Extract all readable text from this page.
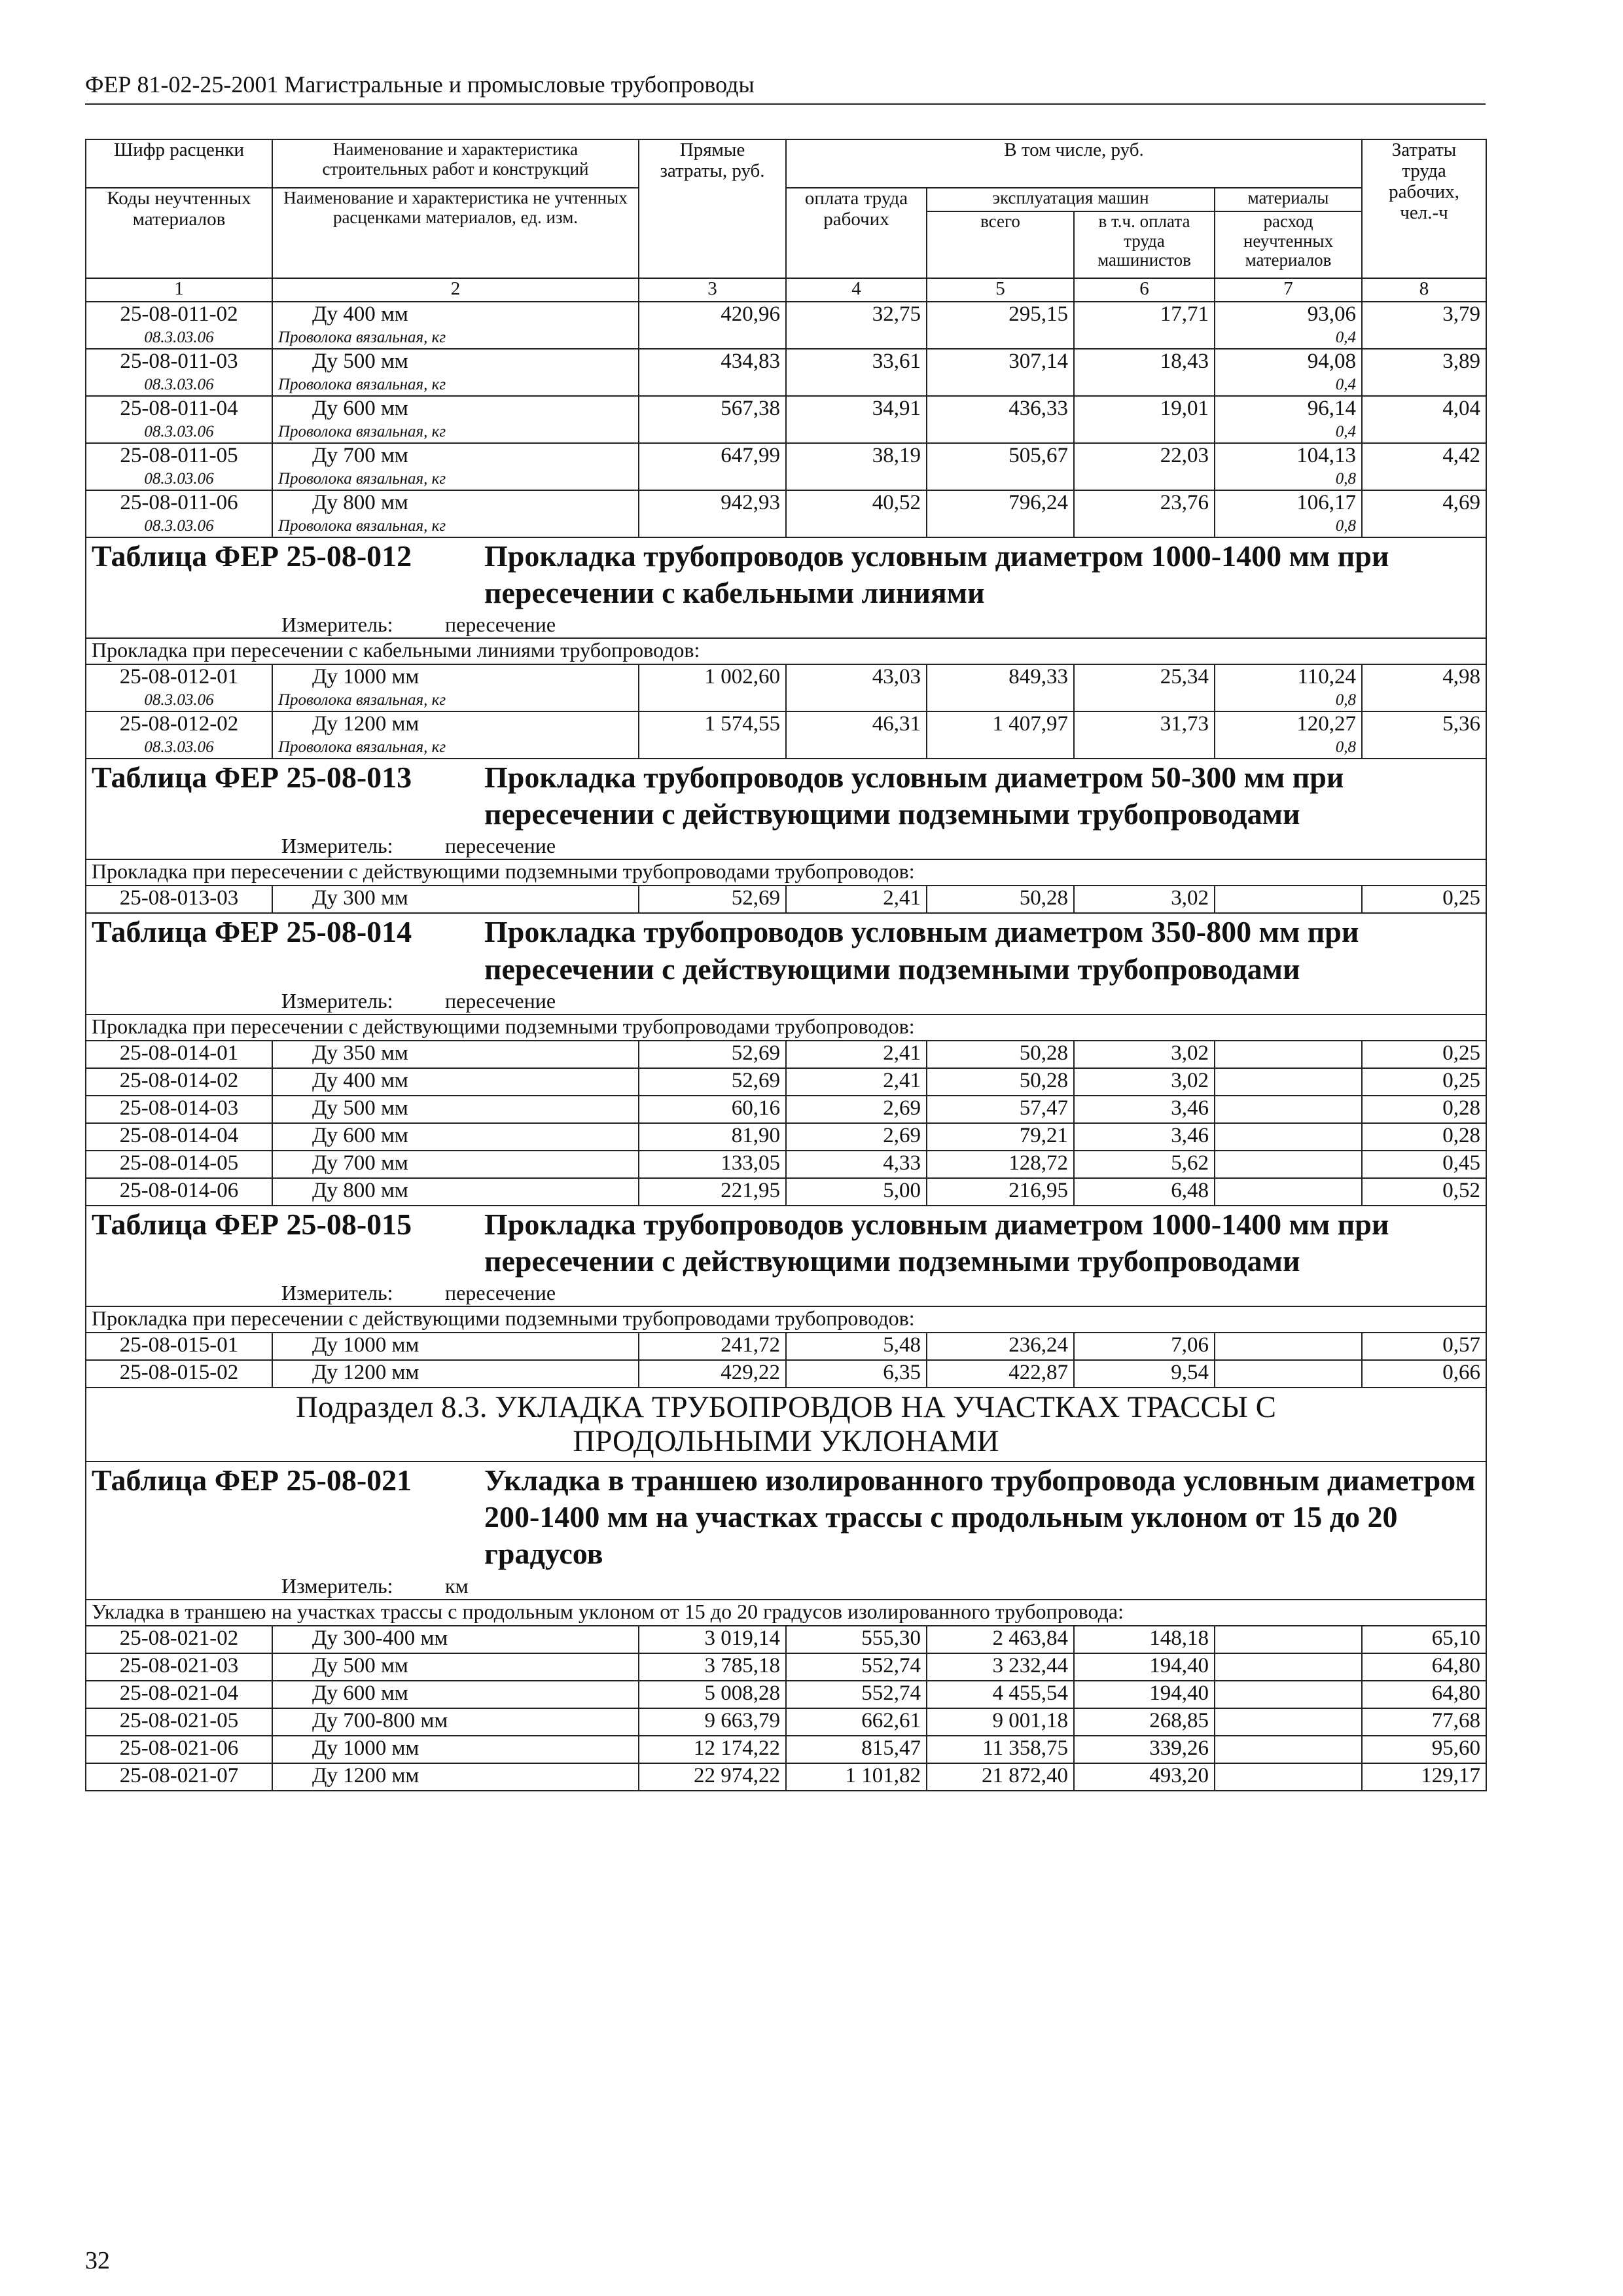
ФЕР 81-02-25-2001 Магистральные и промысловые трубопроводы
Шифр расценки	Наименование и характеристика строительных работ и конструкций	Прямые затраты, руб.	В том числе, руб.				Затраты труда рабочих, чел.-ч
Коды неучтенных материалов	Наименование и характеристика не учтенных расценками материалов, ед. изм.		оплата труда рабочих	эксплуатация машин		материалы	
				всего	в т.ч. оплата труда машинистов	расход неучтенных материалов	
1	2	3	4	5	6	7	8
25-08-011-02	Ду 400 мм	420,96	32,75	295,15	17,71	93,06	3,79
08.3.03.06	Проволока вязальная, кг					0,4	
25-08-011-03	Ду 500 мм	434,83	33,61	307,14	18,43	94,08	3,89
08.3.03.06	Проволока вязальная, кг					0,4	
25-08-011-04	Ду 600 мм	567,38	34,91	436,33	19,01	96,14	4,04
08.3.03.06	Проволока вязальная, кг					0,4	
25-08-011-05	Ду 700 мм	647,99	38,19	505,67	22,03	104,13	4,42
08.3.03.06	Проволока вязальная, кг					0,8	
25-08-011-06	Ду 800 мм	942,93	40,52	796,24	23,76	106,17	4,69
08.3.03.06	Проволока вязальная, кг					0,8	

Таблица ФЕР 25-08-012 Прокладка трубопроводов условным диаметром 1000-1400 мм при пересечении с кабельными линиями
Измеритель: пересечение							

Прокладка при пересечении с кабельными линиями трубопроводов:							
25-08-012-01	Ду 1000 мм	1 002,60	43,03	849,33	25,34	110,24	4,98
08.3.03.06	Проволока вязальная, кг					0,8	
25-08-012-02	Ду 1200 мм	1 574,55	46,31	1 407,97	31,73	120,27	5,36
08.3.03.06	Проволока вязальная, кг					0,8	

Таблица ФЕР 25-08-013 Прокладка трубопроводов условным диаметром 50-300 мм при пересечении с действующими подземными трубопроводами
Измеритель: пересечение							

Прокладка при пересечении с действующими подземными трубопроводами трубопроводов:							
25-08-013-03	Ду 300 мм	52,69	2,41	50,28	3,02		0,25

Таблица ФЕР 25-08-014 Прокладка трубопроводов условным диаметром 350-800 мм при пересечении с действующими подземными трубопроводами
Измеритель: пересечение							

Прокладка при пересечении с действующими подземными трубопроводами трубопроводов:							
25-08-014-01	Ду 350 мм	52,69	2,41	50,28	3,02		0,25
25-08-014-02	Ду 400 мм	52,69	2,41	50,28	3,02		0,25
25-08-014-03	Ду 500 мм	60,16	2,69	57,47	3,46		0,28
25-08-014-04	Ду 600 мм	81,90	2,69	79,21	3,46		0,28
25-08-014-05	Ду 700 мм	133,05	4,33	128,72	5,62		0,45
25-08-014-06	Ду 800 мм	221,95	5,00	216,95	6,48		0,52

Таблица ФЕР 25-08-015 Прокладка трубопроводов условным диаметром 1000-1400 мм при пересечении с действующими подземными трубопроводами
Измеритель: пересечение							

Прокладка при пересечении с действующими подземными трубопроводами трубопроводов:							
25-08-015-01	Ду 1000 мм	241,72	5,48	236,24	7,06		0,57
25-08-015-02	Ду 1200 мм	429,22	6,35	422,87	9,54		0,66
Подраздел 8.3. УКЛАДКА ТРУБОПРОВДОВ НА УЧАСТКАХ ТРАССЫ С ПРОДОЛЬНЫМИ УКЛОНАМИ							

Таблица ФЕР 25-08-021 Укладка в траншею изолированного трубопровода условным диаметром 200-1400 мм на участках трассы с продольным уклоном от 15 до 20 градусов
Измеритель: км							

Укладка в траншею на участках трассы с продольным уклоном от 15 до 20 градусов изолированного трубопровода:							
25-08-021-02	Ду 300-400 мм	3 019,14	555,30	2 463,84	148,18		65,10
25-08-021-03	Ду 500 мм	3 785,18	552,74	3 232,44	194,40		64,80
25-08-021-04	Ду 600 мм	5 008,28	552,74	4 455,54	194,40		64,80
25-08-021-05	Ду 700-800 мм	9 663,79	662,61	9 001,18	268,85		77,68
25-08-021-06	Ду 1000 мм	12 174,22	815,47	11 358,75	339,26		95,60
25-08-021-07	Ду 1200 мм	22 974,22	1 101,82	21 872,40	493,20		129,17
32
